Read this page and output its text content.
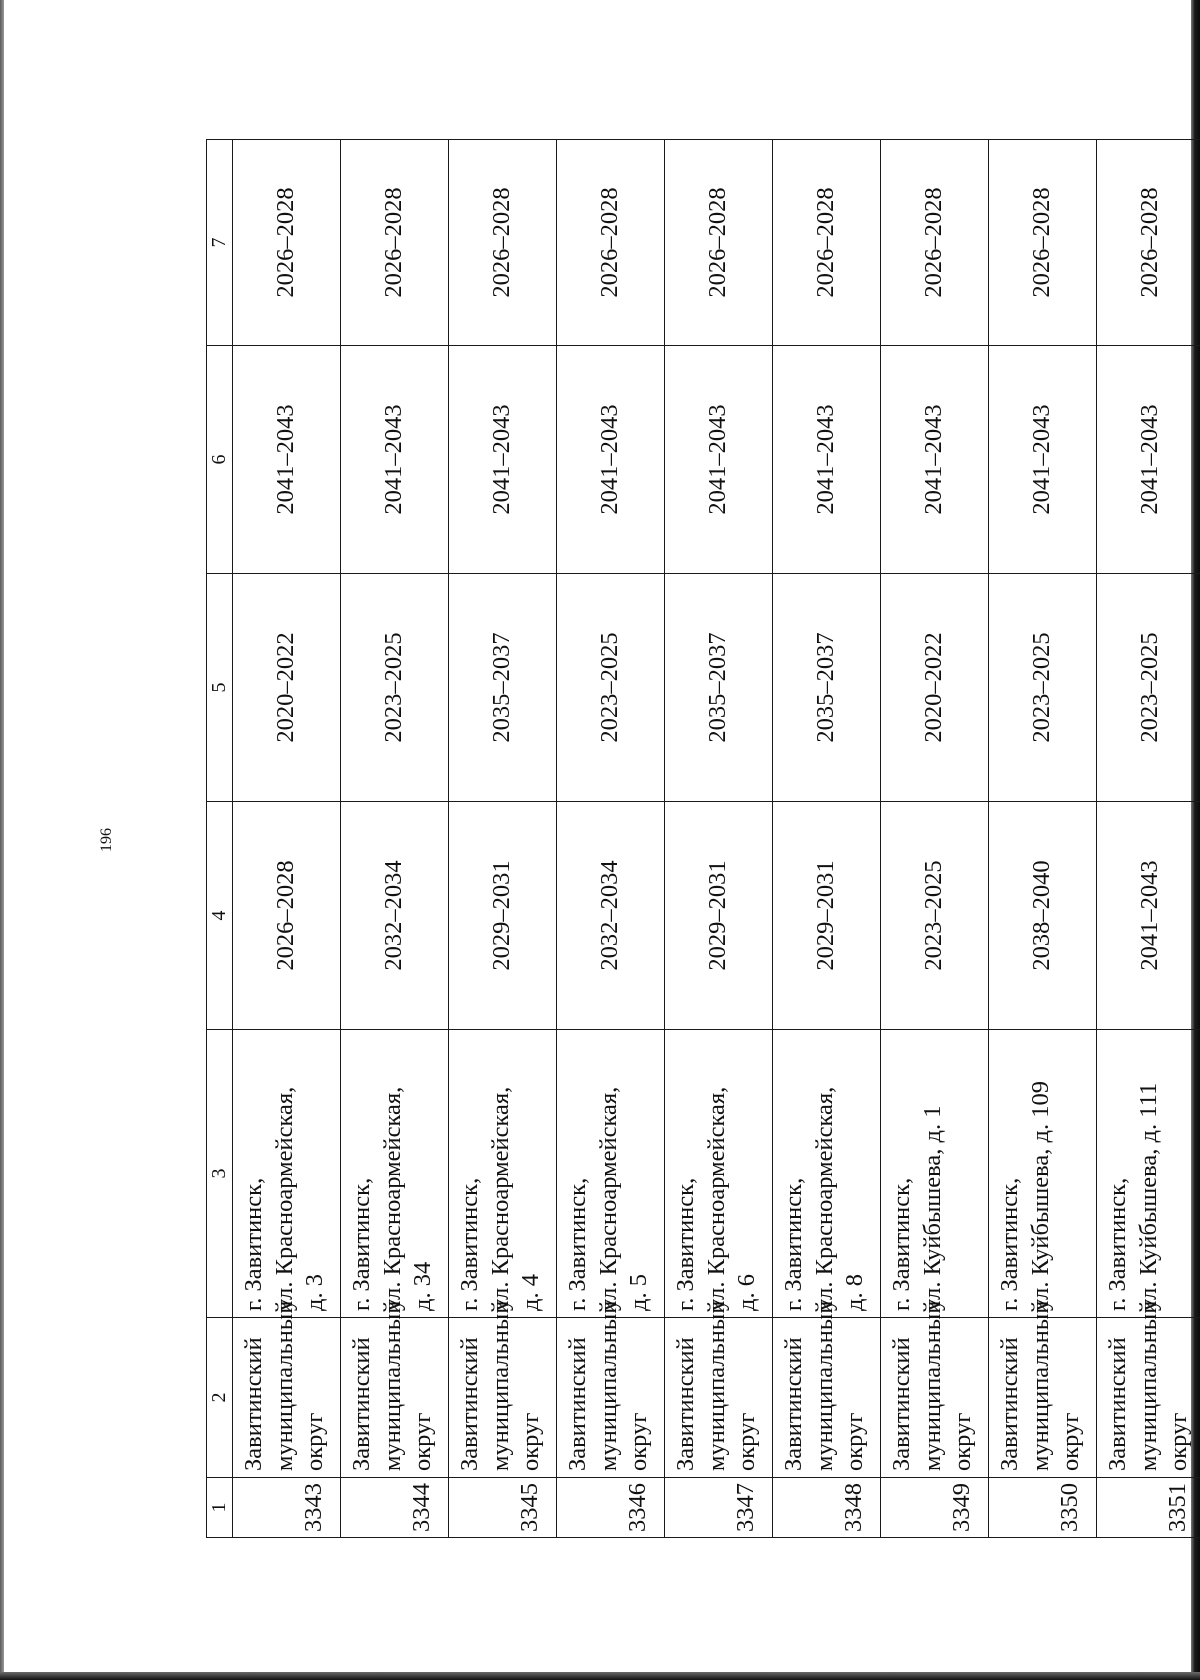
196
1	2	3	4	5	6	7
3343	Завитинский муниципальный округ	г. Завитинск, ул. Красноармейская, д. 3	2026–2028	2020–2022	2041–2043	2026–2028
3344	Завитинский муниципальный округ	г. Завитинск, ул. Красноармейская, д. 34	2032–2034	2023–2025	2041–2043	2026–2028
3345	Завитинский муниципальный округ	г. Завитинск, ул. Красноармейская, д. 4	2029–2031	2035–2037	2041–2043	2026–2028
3346	Завитинский муниципальный округ	г. Завитинск, ул. Красноармейская, д. 5	2032–2034	2023–2025	2041–2043	2026–2028
3347	Завитинский муниципальный округ	г. Завитинск, ул. Красноармейская, д. 6	2029–2031	2035–2037	2041–2043	2026–2028
3348	Завитинский муниципальный округ	г. Завитинск, ул. Красноармейская, д. 8	2029–2031	2035–2037	2041–2043	2026–2028
3349	Завитинский муниципальный округ	г. Завитинск, ул. Куйбышева, д. 1	2023–2025	2020–2022	2041–2043	2026–2028
3350	Завитинский муниципальный округ	г. Завитинск, ул. Куйбышева, д. 109	2038–2040	2023–2025	2041–2043	2026–2028
3351	Завитинский муниципальный округ	г. Завитинск, ул. Куйбышева, д. 111	2041–2043	2023–2025	2041–2043	2026–2028
